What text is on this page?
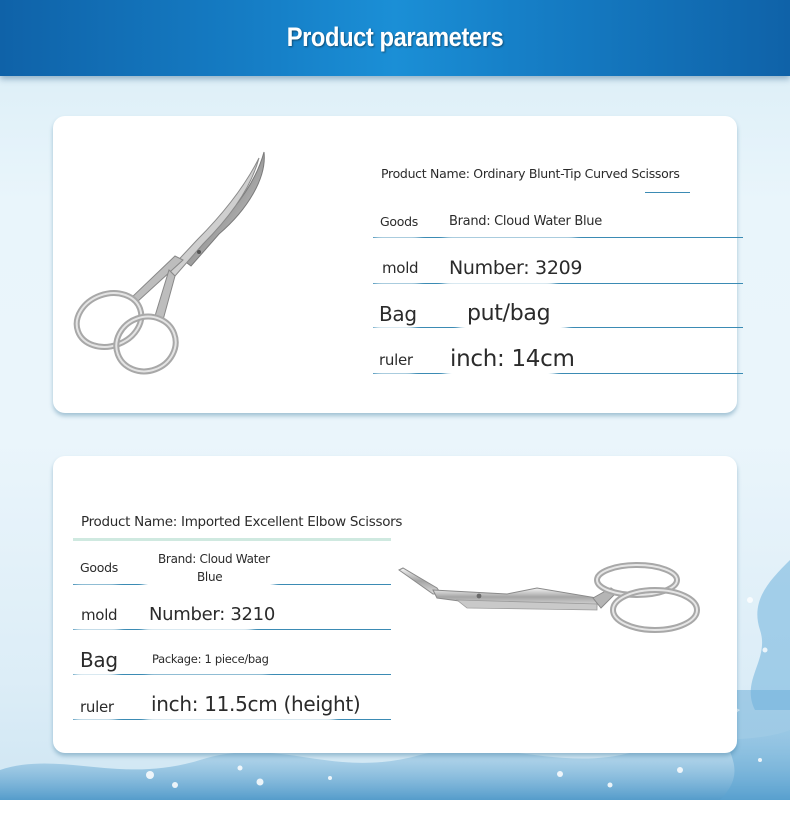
Product parameters
Product Name: Ordinary Blunt-Tip Curved Scissors
Goods Brand: Cloud Water Blue
mold Number: 3209
Bag put/bag
ruler inch: 14cm
Product Name: Imported Excellent Elbow Scissors
Goods
Brand: Cloud Water
Blue
mold Number: 3210
Bag	Package: 1 piece/bag
ruler inch: 11.5cm (height)
